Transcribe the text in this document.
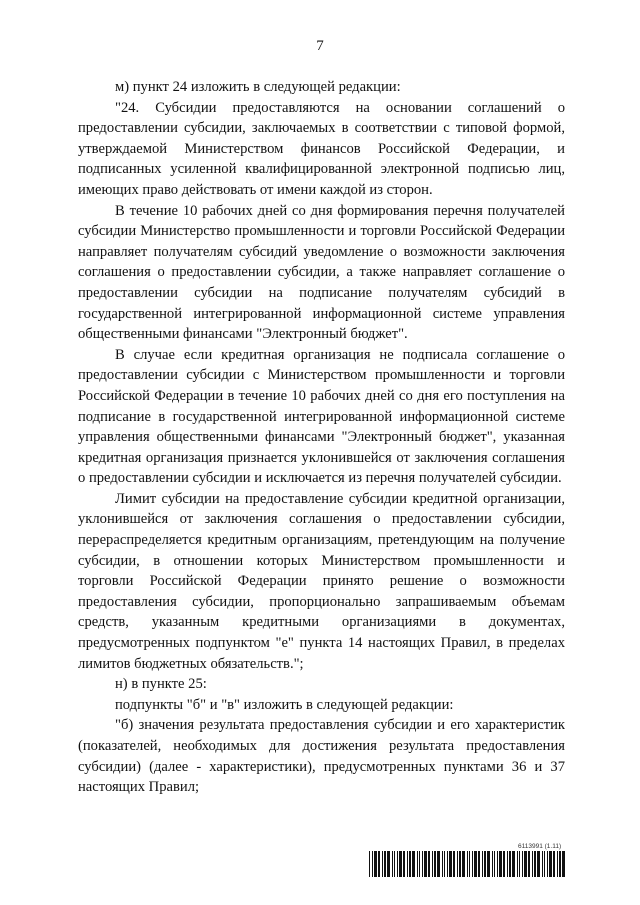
7

м) пункт 24 изложить в следующей редакции:

"24. Субсидии предоставляются на основании соглашений о предоставлении субсидии, заключаемых в соответствии с типовой формой, утверждаемой Министерством финансов Российской Федерации, и подписанных усиленной квалифицированной электронной подписью лиц, имеющих право действовать от имени каждой из сторон.

В течение 10 рабочих дней со дня формирования перечня получателей субсидии Министерство промышленности и торговли Российской Федерации направляет получателям субсидий уведомление о возможности заключения соглашения о предоставлении субсидии, а также направляет соглашение о предоставлении субсидии на подписание получателям субсидий в государственной интегрированной информационной системе управления общественными финансами "Электронный бюджет".

В случае если кредитная организация не подписала соглашение о предоставлении субсидии с Министерством промышленности и торговли Российской Федерации в течение 10 рабочих дней со дня его поступления на подписание в государственной интегрированной информационной системе управления общественными финансами "Электронный бюджет", указанная кредитная организация признается уклонившейся от заключения соглашения о предоставлении субсидии и исключается из перечня получателей субсидии.

Лимит субсидии на предоставление субсидии кредитной организации, уклонившейся от заключения соглашения о предоставлении субсидии, перераспределяется кредитным организациям, претендующим на получение субсидии, в отношении которых Министерством промышленности и торговли Российской Федерации принято решение о возможности предоставления субсидии, пропорционально запрашиваемым объемам средств, указанным кредитными организациями в документах, предусмотренных подпунктом "е" пункта 14 настоящих Правил, в пределах лимитов бюджетных обязательств.";

н) в пункте 25:

подпункты "б" и "в" изложить в следующей редакции:

"б) значения результата предоставления субсидии и его характеристик (показателей, необходимых для достижения результата предоставления субсидии) (далее - характеристики), предусмотренных пунктами 36 и 37 настоящих Правил;

6113991 (1.11)
